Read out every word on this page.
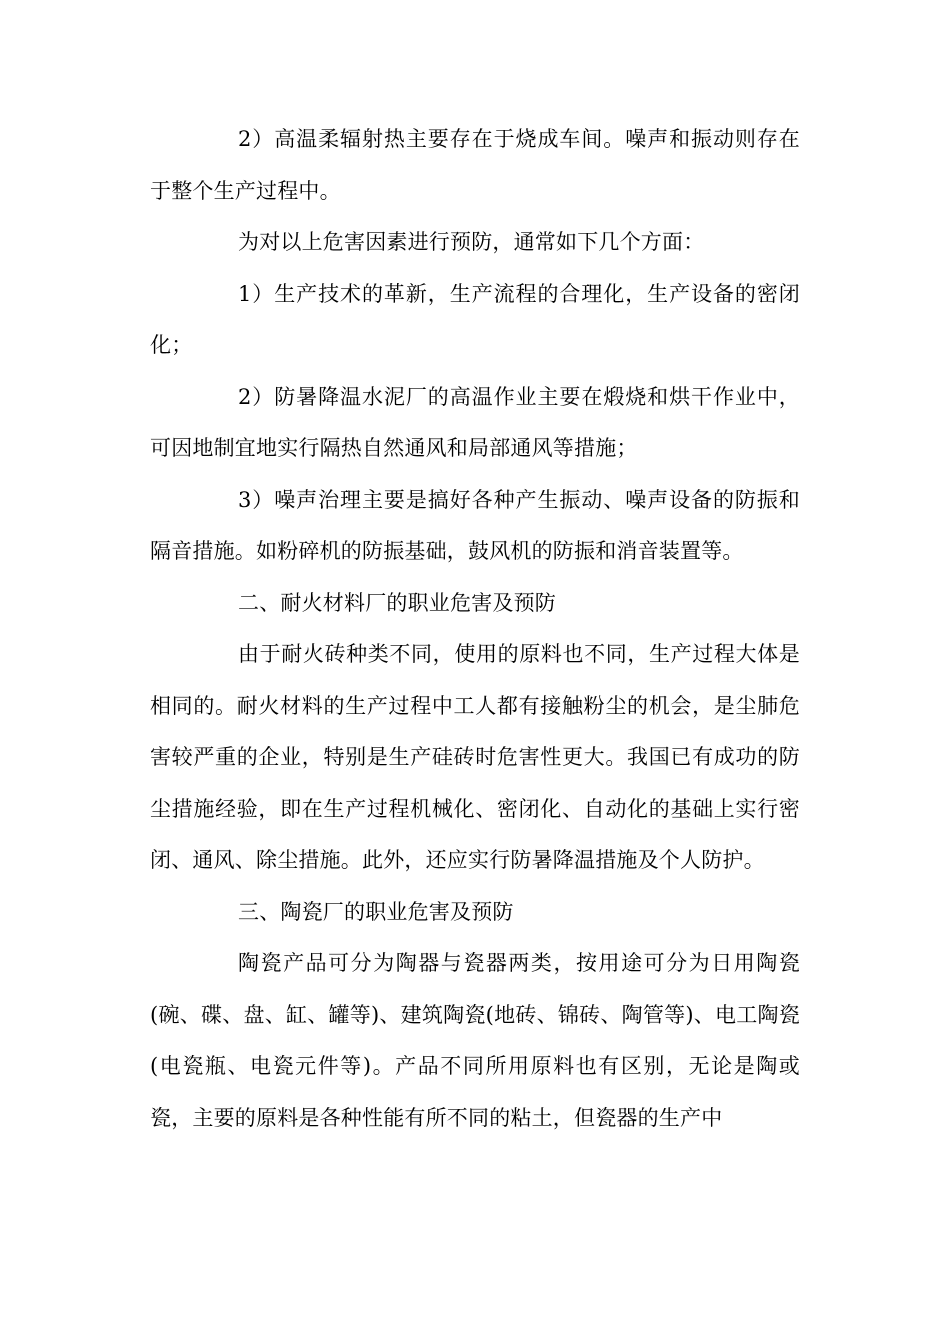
2）高温柔辐射热主要存在于烧成车间。噪声和振动则存在于整个生产过程中。

为对以上危害因素进行预防，通常如下几个方面：

1）生产技术的革新，生产流程的合理化，生产设备的密闭化；

2）防暑降温水泥厂的高温作业主要在煅烧和烘干作业中，可因地制宜地实行隔热自然通风和局部通风等措施；

3）噪声治理主要是搞好各种产生振动、噪声设备的防振和隔音措施。如粉碎机的防振基础，鼓风机的防振和消音装置等。

二、耐火材料厂的职业危害及预防

由于耐火砖种类不同，使用的原料也不同，生产过程大体是相同的。耐火材料的生产过程中工人都有接触粉尘的机会，是尘肺危害较严重的企业，特别是生产硅砖时危害性更大。我国已有成功的防尘措施经验，即在生产过程机械化、密闭化、自动化的基础上实行密闭、通风、除尘措施。此外，还应实行防暑降温措施及个人防护。

三、陶瓷厂的职业危害及预防

陶瓷产品可分为陶器与瓷器两类，按用途可分为日用陶瓷(碗、碟、盘、缸、罐等)、建筑陶瓷(地砖、锦砖、陶管等)、电工陶瓷(电瓷瓶、电瓷元件等)。产品不同所用原料也有区别，无论是陶或瓷，主要的原料是各种性能有所不同的粘土，但瓷器的生产中
